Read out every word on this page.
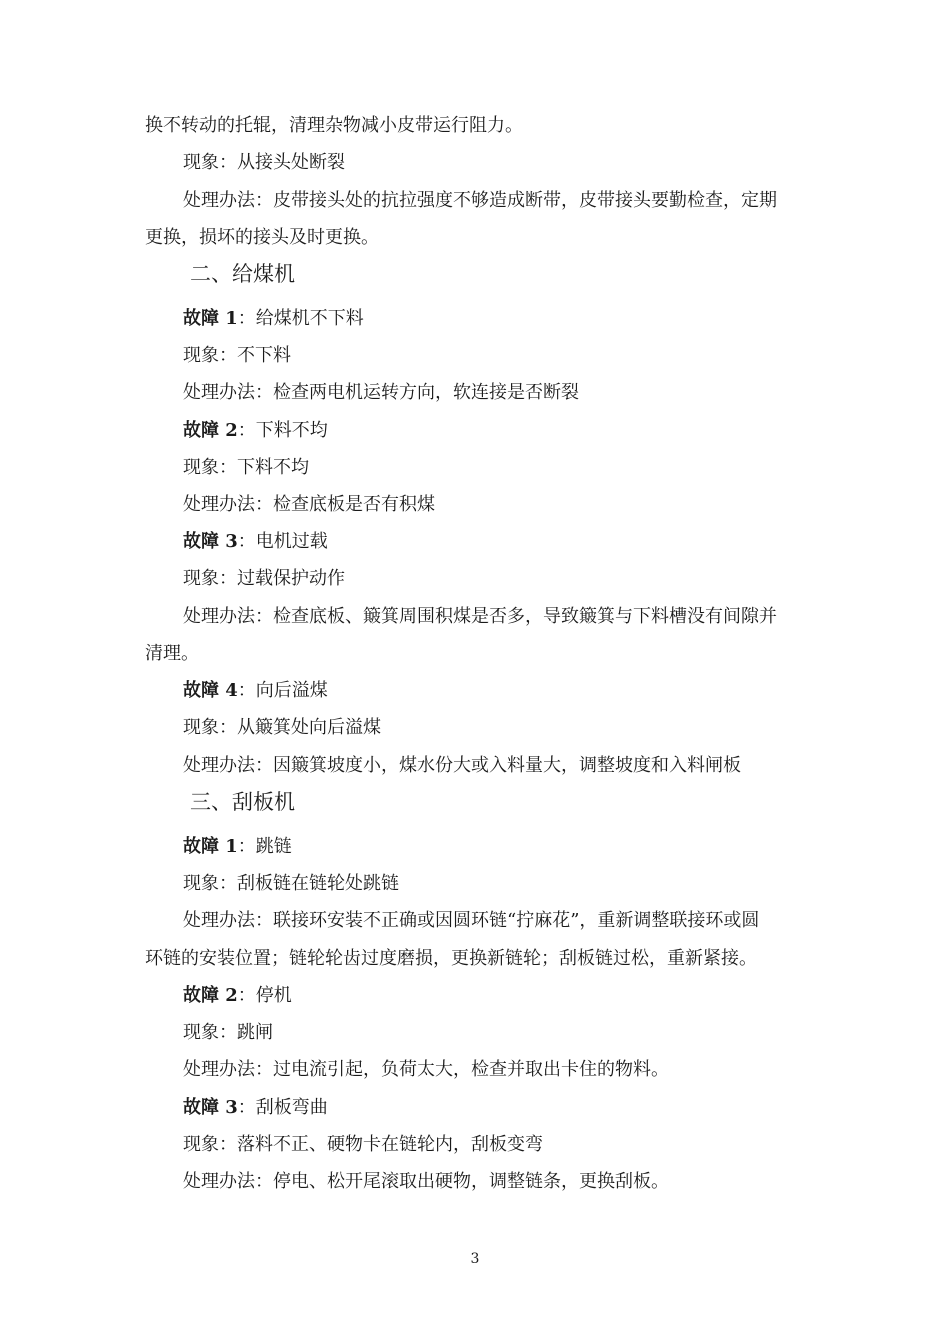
换不转动的托辊，清理杂物减小皮带运行阻力。
现象：从接头处断裂
处理办法：皮带接头处的抗拉强度不够造成断带，皮带接头要勤检查，定期
更换，损坏的接头及时更换。
二、给煤机
故障 1：给煤机不下料
现象：不下料
处理办法：检查两电机运转方向，软连接是否断裂
故障 2：下料不均
现象：下料不均
处理办法：检查底板是否有积煤
故障 3：电机过载
现象：过载保护动作
处理办法：检查底板、簸箕周围积煤是否多，导致簸箕与下料槽没有间隙并
清理。
故障 4：向后溢煤
现象：从簸箕处向后溢煤
处理办法：因簸箕坡度小，煤水份大或入料量大，调整坡度和入料闸板
三、刮板机
故障 1：跳链
现象：刮板链在链轮处跳链
处理办法：联接环安装不正确或因圆环链“拧麻花”，重新调整联接环或圆
环链的安装位置；链轮轮齿过度磨损，更换新链轮；刮板链过松，重新紧接。
故障 2：停机
现象：跳闸
处理办法：过电流引起，负荷太大，检查并取出卡住的物料。
故障 3：刮板弯曲
现象：落料不正、硬物卡在链轮内，刮板变弯
处理办法：停电、松开尾滚取出硬物，调整链条，更换刮板。
3
